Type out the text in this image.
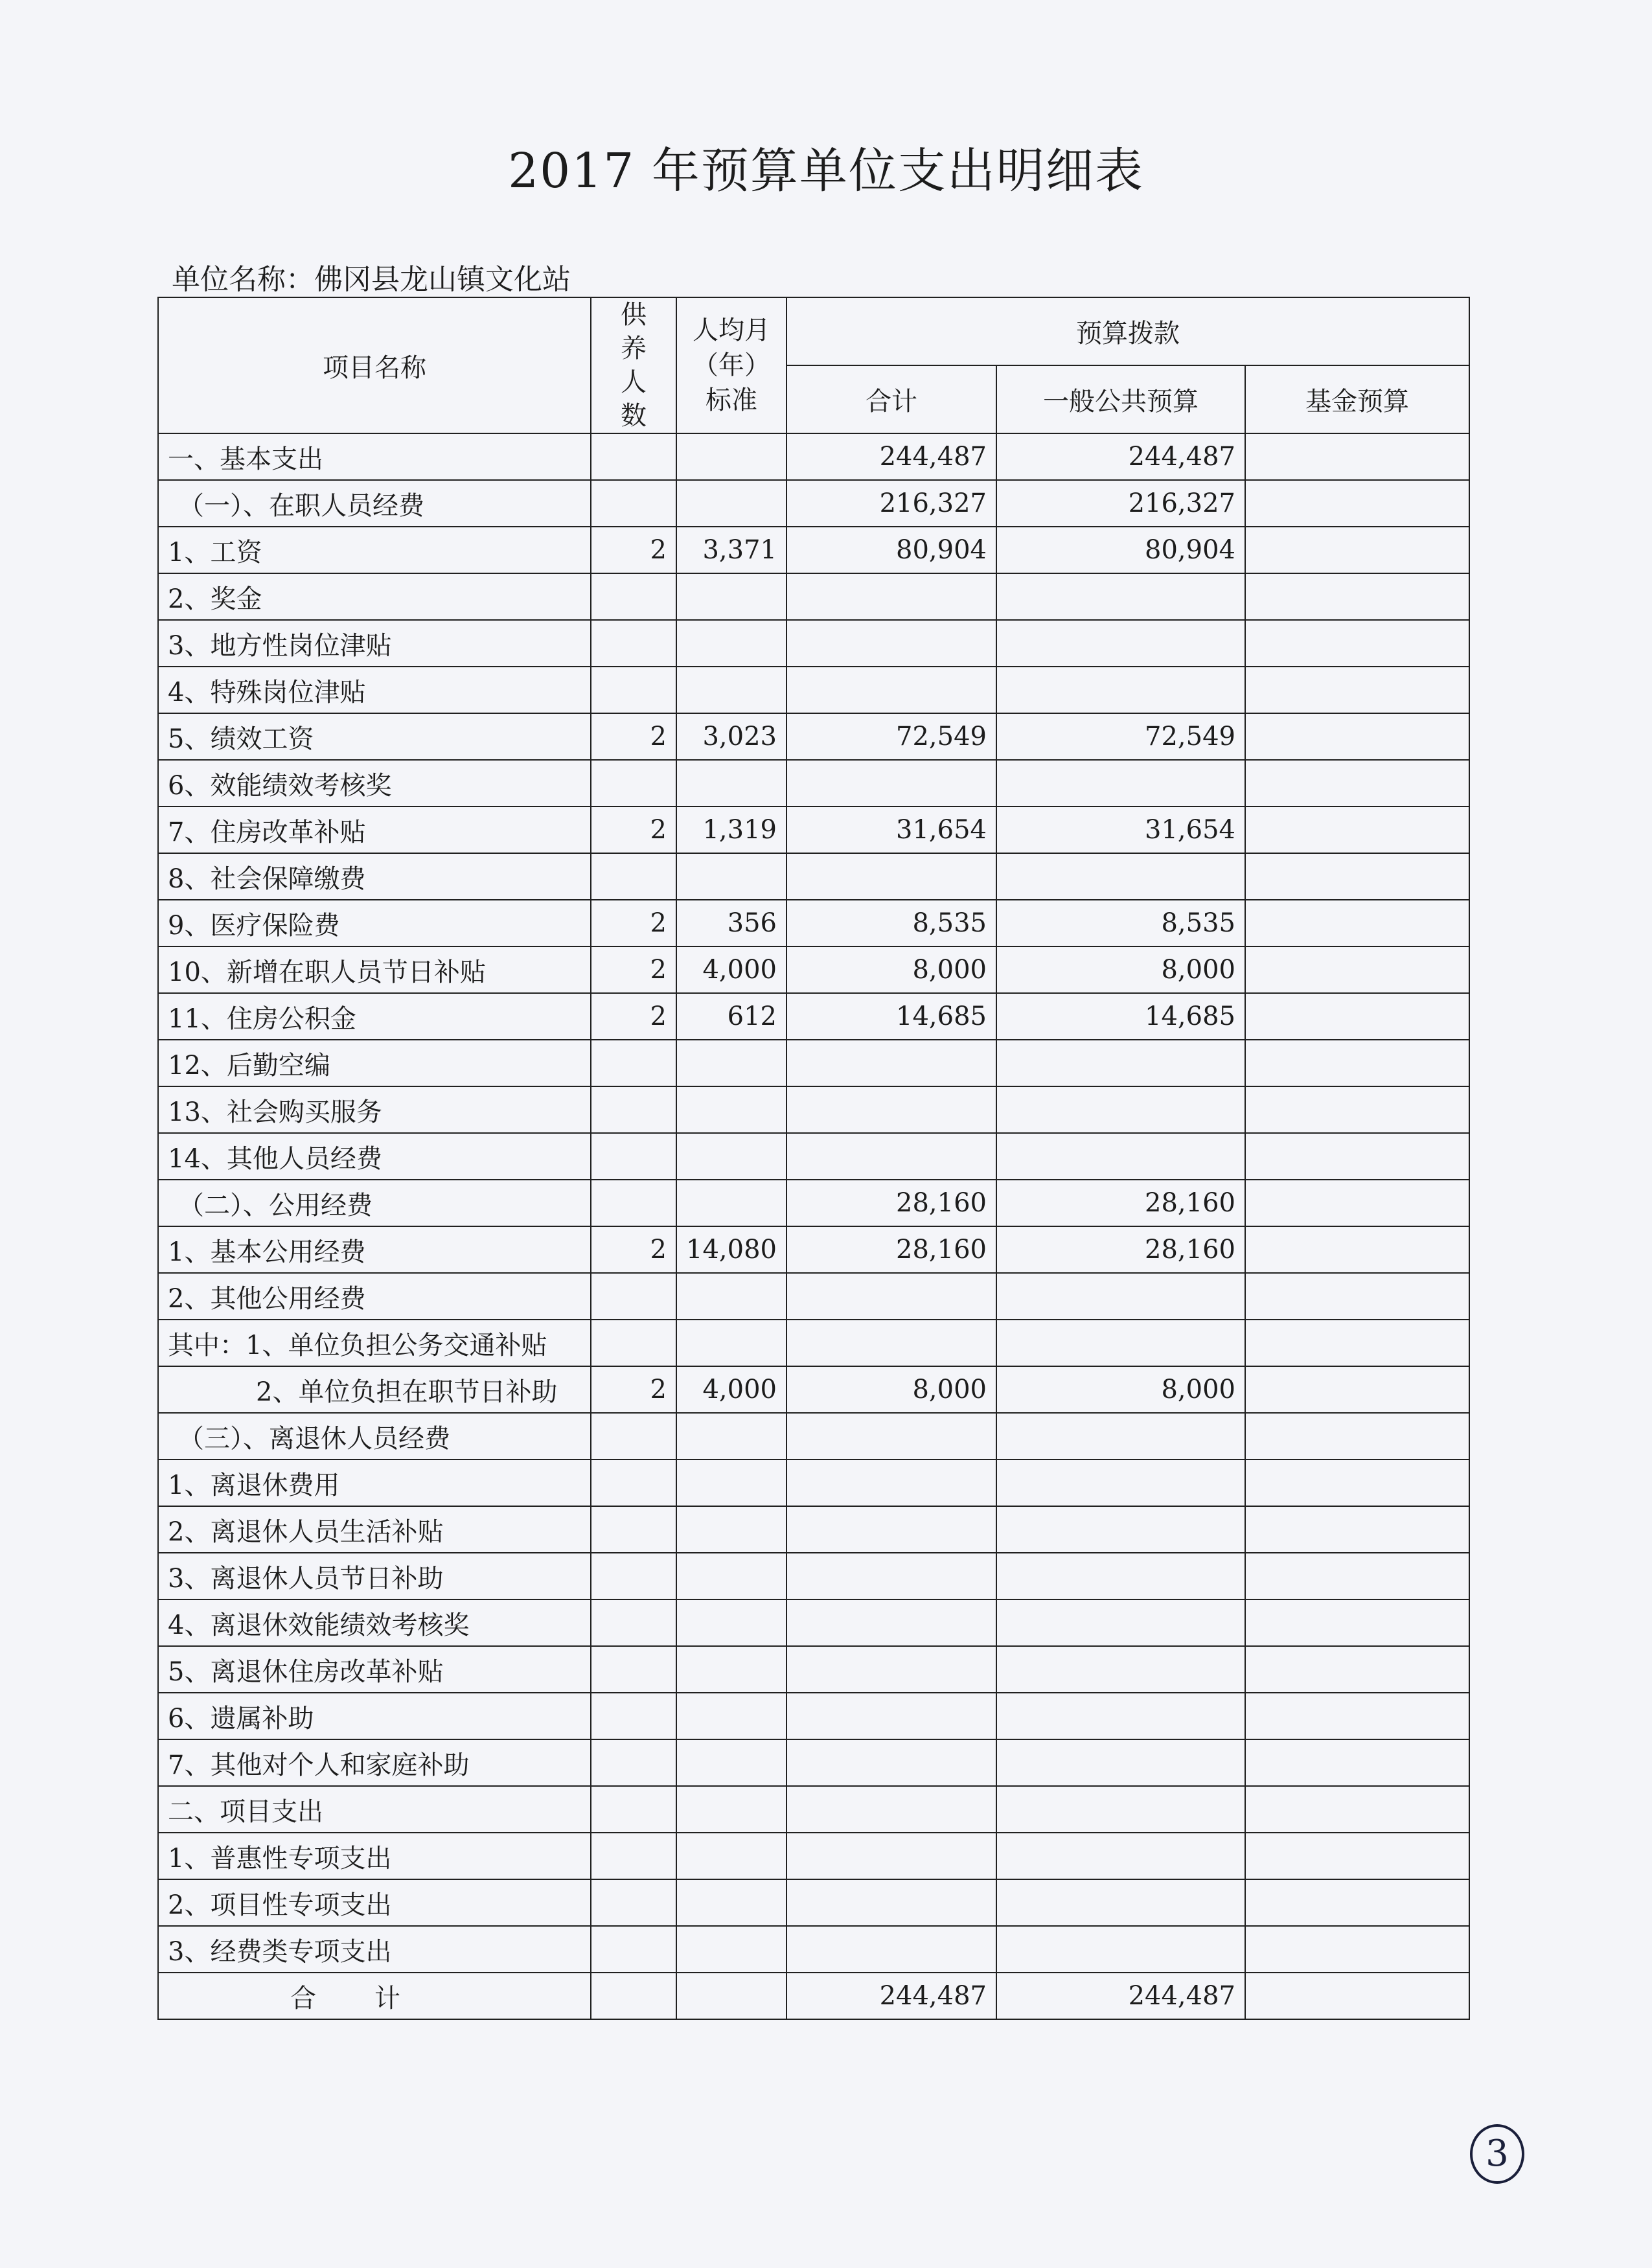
2017 年预算单位支出明细表
单位名称：佛冈县龙山镇文化站
项目名称	供养人数	人均月
（年）
标准	预算拨款		
			合计	一般公共预算	基金预算
一、基本支出			244,487	244,487	
（一）、在职人员经费			216,327	216,327	
1、工资	2	3,371	80,904	80,904	
2、奖金					
3、地方性岗位津贴					
4、特殊岗位津贴					
5、绩效工资	2	3,023	72,549	72,549	
6、效能绩效考核奖					
7、住房改革补贴	2	1,319	31,654	31,654	
8、社会保障缴费					
9、医疗保险费	2	356	8,535	8,535	
10、新增在职人员节日补贴	2	4,000	8,000	8,000	
11、住房公积金	2	612	14,685	14,685	
12、后勤空编					
13、社会购买服务					
14、其他人员经费					
（二）、公用经费			28,160	28,160	
1、基本公用经费	2	14,080	28,160	28,160	
2、其他公用经费					
其中：1、单位负担公务交通补贴					
2、单位负担在职节日补助	2	4,000	8,000	8,000	
（三）、离退休人员经费					
1、离退休费用					
2、离退休人员生活补贴					
3、离退休人员节日补助					
4、离退休效能绩效考核奖					
5、离退休住房改革补贴					
6、遗属补助					
7、其他对个人和家庭补助					
二、项目支出					
1、普惠性专项支出					
2、项目性专项支出					
3、经费类专项支出					
合计			244,487	244,487	
3
